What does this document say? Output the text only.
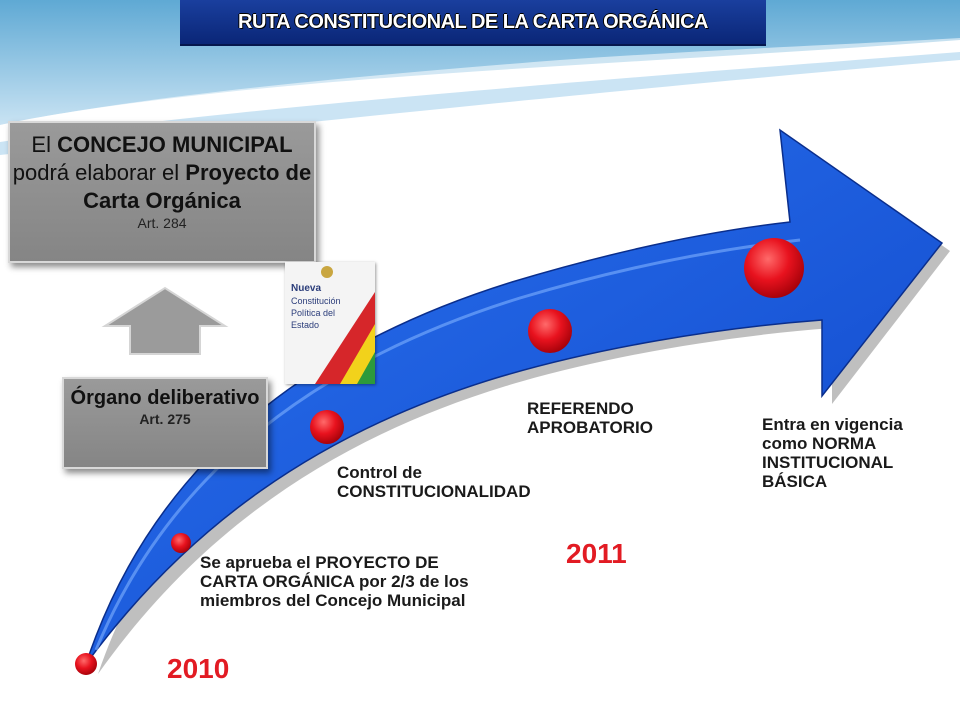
RUTA CONSTITUCIONAL DE LA CARTA ORGÁNICA
El CONCEJO MUNICIPAL
podrá elaborar el Proyecto de Carta Orgánica
Art. 284
Órgano deliberativo
Art. 275
Nueva
Constitución
Política del
Estado
Se aprueba el PROYECTO DE CARTA ORGÁNICA por 2/3 de los miembros del Concejo Municipal
Control de CONSTITUCIONALIDAD
REFERENDO APROBATORIO	Entra en vigencia como NORMA INSTITUCIONAL BÁSICA
2010
2011
